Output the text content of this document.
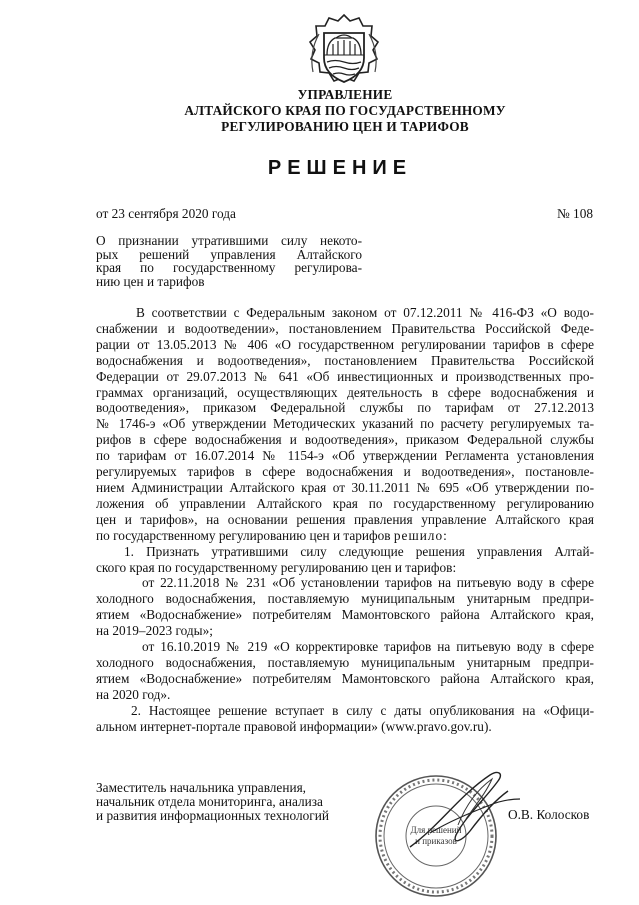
УПРАВЛЕНИЕ
АЛТАЙСКОГО КРАЯ ПО ГОСУДАРСТВЕННОМУ
РЕГУЛИРОВАНИЮ ЦЕН И ТАРИФОВ
РЕШЕНИЕ
от 23 сентября 2020 года	№ 108
О признании утратившими силу некото-
рых решений управления Алтайского
края по государственному регулирова-
нию цен и тарифов
В соответствии с Федеральным законом от 07.12.2011 № 416-ФЗ «О водо-
снабжении и водоотведении», постановлением Правительства Российской Феде-
рации от 13.05.2013 № 406 «О государственном регулировании тарифов в сфере
водоснабжения и водоотведения», постановлением Правительства Российской
Федерации от 29.07.2013 № 641 «Об инвестиционных и производственных про-
граммах организаций, осуществляющих деятельность в сфере водоснабжения и
водоотведения», приказом Федеральной службы по тарифам от 27.12.2013
№ 1746-э «Об утверждении Методических указаний по расчету регулируемых та-
рифов в сфере водоснабжения и водоотведения», приказом Федеральной службы
по тарифам от 16.07.2014 № 1154-э «Об утверждении Регламента установления
регулируемых тарифов в сфере водоснабжения и водоотведения», постановле-
нием Администрации Алтайского края от 30.11.2011 № 695 «Об утверждении по-
ложения об управлении Алтайского края по государственному регулированию
цен и тарифов», на основании решения правления управление Алтайского края
по государственному регулированию цен и тарифов решило:
1. Признать утратившими силу следующие решения управления Алтай-
ского края по государственному регулированию цен и тарифов:
от 22.11.2018 № 231 «Об установлении тарифов на питьевую воду в сфере
холодного водоснабжения, поставляемую муниципальным унитарным предпри-
ятием «Водоснабжение» потребителям Мамонтовского района Алтайского края,
на 2019–2023 годы»;
от 16.10.2019 № 219 «О корректировке тарифов на питьевую воду в сфере
холодного водоснабжения, поставляемую муниципальным унитарным предпри-
ятием «Водоснабжение» потребителям Мамонтовского района Алтайского края,
на 2020 год».
2. Настоящее решение вступает в силу с даты опубликования на «Офици-
альном интернет-портале правовой информации» (www.pravo.gov.ru).
Заместитель начальника управления,
начальник отдела мониторинга, анализа
и развития информационных технологий
Для решений
и приказов
О.В. Колосков
